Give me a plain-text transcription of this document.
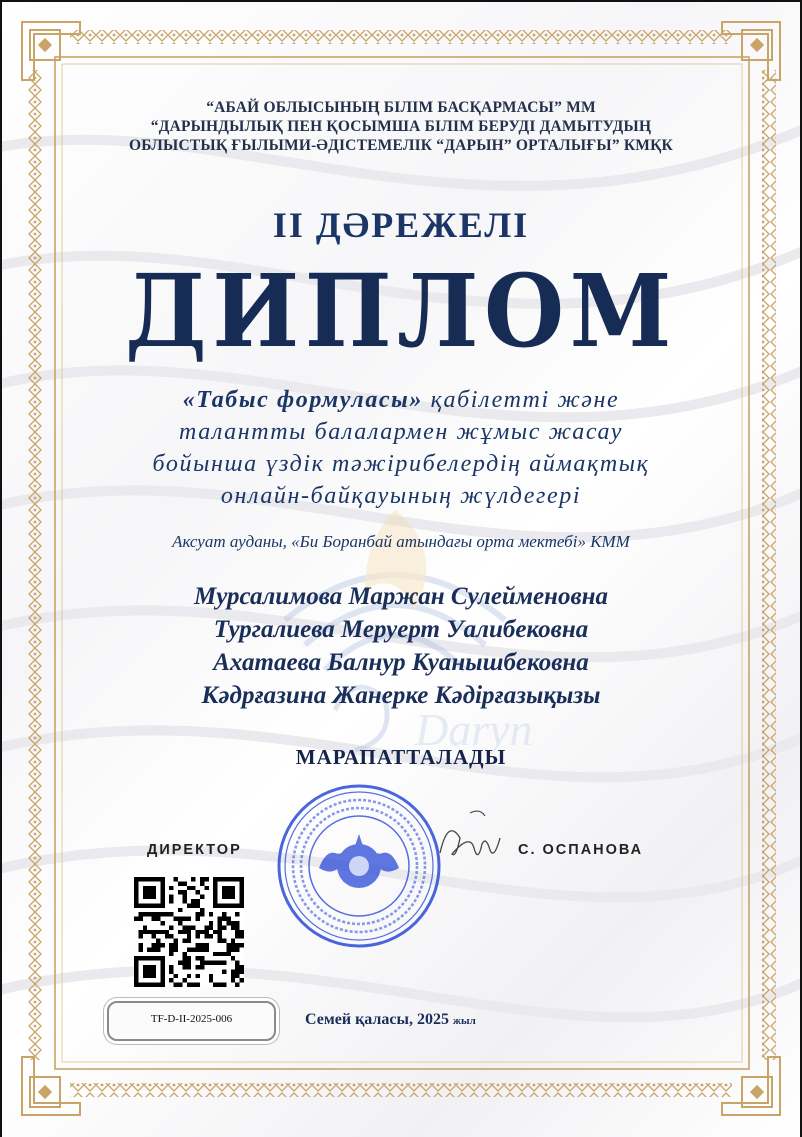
Daryn
“АБАЙ ОБЛЫСЫНЫҢ БІЛІМ БАСҚАРМАСЫ” ММ
“ДАРЫНДЫЛЫҚ ПЕН ҚОСЫМША БІЛІМ БЕРУДІ ДАМЫТУДЫҢ
ОБЛЫСТЫҚ ҒЫЛЫМИ-ӘДІСТЕМЕЛІК “ДАРЫН” ОРТАЛЫҒЫ” КМҚК
ІІ ДӘРЕЖЕЛІ
ДИПЛОМ
«Табыс формуласы» қабілетті және
талантты балалармен жұмыс жасау
бойынша үздік тәжірибелердің аймақтық
онлайн-байқауының жүлдегері
Аксуат ауданы, «Би Боранбай атындағы орта мектебі» КММ
Мурсалимова Маржан Сулейменовна
Тургалиева Меруерт Уалибековна
Ахатаева Балнур Куанышбековна
Кәдрғазина Жанерке Кәдірғазықызы
МАРАПАТТАЛАДЫ
ДИРЕКТОР	С. ОСПАНОВА
TF-D-II-2025-006	Семей қаласы, 2025 жыл
